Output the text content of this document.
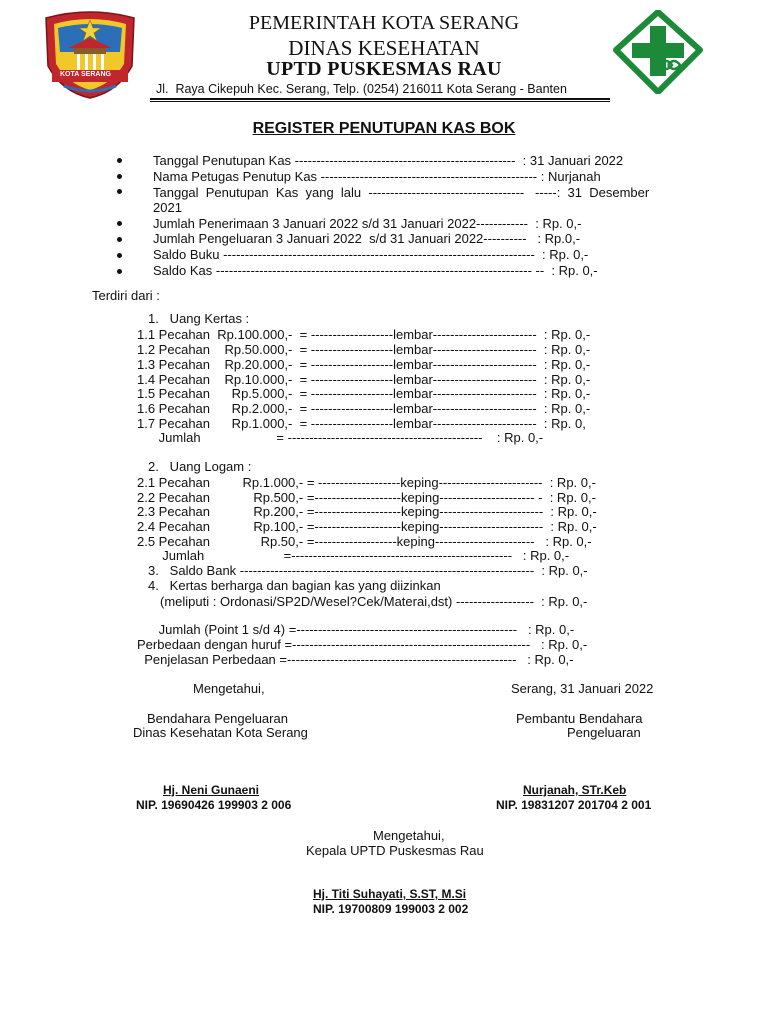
KOTA SERANG
PEMERINTAH KOTA SERANG
DINAS KESEHATAN
UPTD PUSKESMAS RAU
Jl.  Raya Cikepuh Kec. Serang, Telp. (0254) 216011 Kota Serang - Banten
REGISTER PENUTUPAN KAS BOK
Tanggal Penutupan Kas ---------------------------------------------------  : 31 Januari 2022
Nama Petugas Penutup Kas -------------------------------------------------- : Nurjanah
Tanggal  Penutupan  Kas  yang  lalu  ------------------------------------   -----:  31  Desember
2021
Jumlah Penerimaan 3 Januari 2022 s/d 31 Januari 2022------------  : Rp. 0,-
Jumlah Pengeluaran 3 Januari 2022  s/d 31 Januari 2022----------   : Rp.0,-
Saldo Buku ------------------------------------------------------------------------  : Rp. 0,-
Saldo Kas ------------------------------------------------------------------------- --  : Rp. 0,-
Terdiri dari :
1.   Uang Kertas :
1.1 Pecahan  Rp.100.000,-  = -------------------lembar------------------------  : Rp. 0,-
1.2 Pecahan    Rp.50.000,-  = -------------------lembar------------------------  : Rp. 0,-
1.3 Pecahan    Rp.20.000,-  = -------------------lembar------------------------  : Rp. 0,-
1.4 Pecahan    Rp.10.000,-  = -------------------lembar------------------------  : Rp. 0,-
1.5 Pecahan      Rp.5.000,-  = -------------------lembar------------------------  : Rp. 0,-
1.6 Pecahan      Rp.2.000,-  = -------------------lembar------------------------  : Rp. 0,-
1.7 Pecahan      Rp.1.000,-  = -------------------lembar------------------------  : Rp. 0,
Jumlah                     = ---------------------------------------------    : Rp. 0,-
2.   Uang Logam :
2.1 Pecahan         Rp.1.000,- = -------------------keping------------------------  : Rp. 0,-
2.2 Pecahan            Rp.500,- =--------------------keping---------------------- -  : Rp. 0,-
2.3 Pecahan            Rp.200,- =--------------------keping------------------------  : Rp. 0,-
2.4 Pecahan            Rp.100,- =--------------------keping------------------------  : Rp. 0,-
2.5 Pecahan              Rp.50,- =-------------------keping-----------------------   : Rp. 0,-
Jumlah                      =---------------------------------------------------   : Rp. 0,-
3.   Saldo Bank --------------------------------------------------------------------  : Rp. 0,-
4.   Kertas berharga dan bagian kas yang diizinkan
(meliputi : Ordonasi/SP2D/Wesel?Cek/Materai,dst) ------------------  : Rp. 0,-
Jumlah (Point 1 s/d 4) =---------------------------------------------------   : Rp. 0,-
Perbedaan dengan huruf =-------------------------------------------------------   : Rp. 0,-
Penjelasan Perbedaan =-----------------------------------------------------   : Rp. 0,-
Mengetahui,	Serang, 31 Januari 2022
Bendahara Pengeluaran
Dinas Kesehatan Kota Serang
Pembantu Bendahara
Pengeluaran
Hj. Neni Gunaeni
NIP. 19690426 199903 2 006
Nurjanah, STr.Keb
NIP. 19831207 201704 2 001
Mengetahui,
Kepala UPTD Puskesmas Rau
Hj. Titi Suhayati, S.ST, M.Si
NIP. 19700809 199003 2 002
